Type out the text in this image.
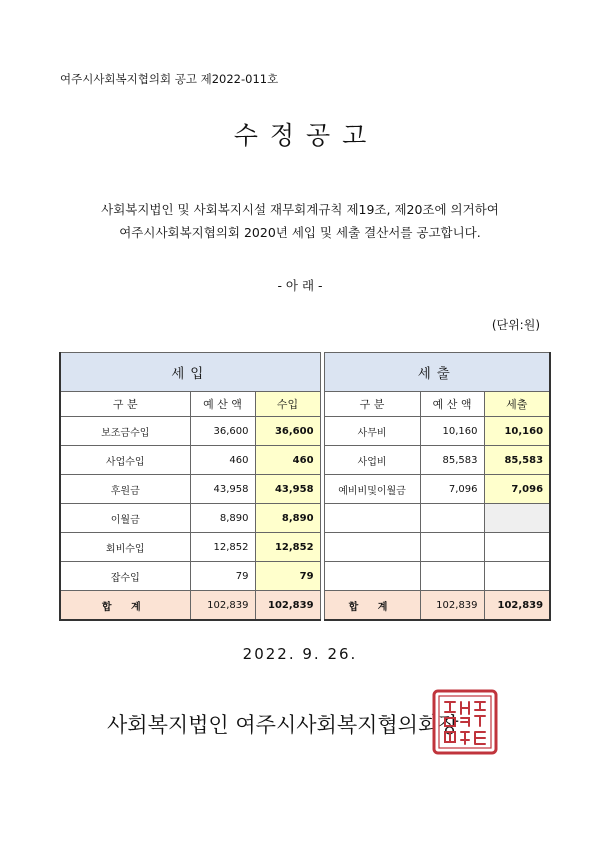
여주시사회복지협의회 공고 제2022-011호
수정공고
사회복지법인 및 사회복지시설 재무회계규칙 제19조, 제20조에 의거하여
여주시사회복지협의회 2020년 세입 및 세출 결산서를 공고합니다.
- 아 래 -
(단위:원)
세입				세출		
구 분	예 산 액	수입		구 분	예 산 액	세출
보조금수입	36,600	36,600		사무비	10,160	10,160
사업수입	460	460		사업비	85,583	85,583
후원금	43,958	43,958		예비비및이월금	7,096	7,096
이월금	8,890	8,890				
회비수입	12,852	12,852				
잡수입	79	79				
합 계	102,839	102,839		합 계	102,839	102,839
2022. 9. 26.
사회복지법인 여주시사회복지협의회장
